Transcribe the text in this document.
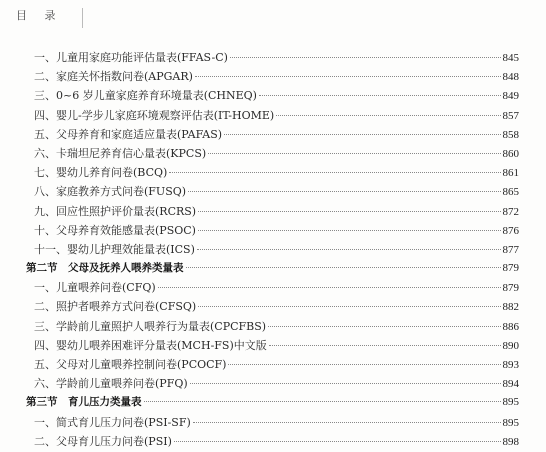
目 录
一、儿童用家庭功能评估量表(FFAS-C)	845
二、家庭关怀指数问卷(APGAR)	848
三、0~6 岁儿童家庭养育环境量表(CHNEQ)	849
四、婴儿-学步儿家庭环境观察评估表(IT-HOME)	857
五、父母养育和家庭适应量表(PAFAS)	858
六、卡瑞坦尼养育信心量表(KPCS)	860
七、婴幼儿养育问卷(BCQ)	861
八、家庭教养方式问卷(FUSQ)	865
九、回应性照护评价量表(RCRS)	872
十、父母养育效能感量表(PSOC)	876
十一、婴幼儿护理效能量表(ICS)	877
第二节　父母及抚养人喂养类量表	879
一、儿童喂养问卷(CFQ)	879
二、照护者喂养方式问卷(CFSQ)	882
三、学龄前儿童照护人喂养行为量表(CPCFBS)	886
四、婴幼儿喂养困难评分量表(MCH-FS)中文版	890
五、父母对儿童喂养控制问卷(PCOCF)	893
六、学龄前儿童喂养问卷(PFQ)	894
第三节　育儿压力类量表	895
一、简式育儿压力问卷(PSI-SF)	895
二、父母育儿压力问卷(PSI)	898
